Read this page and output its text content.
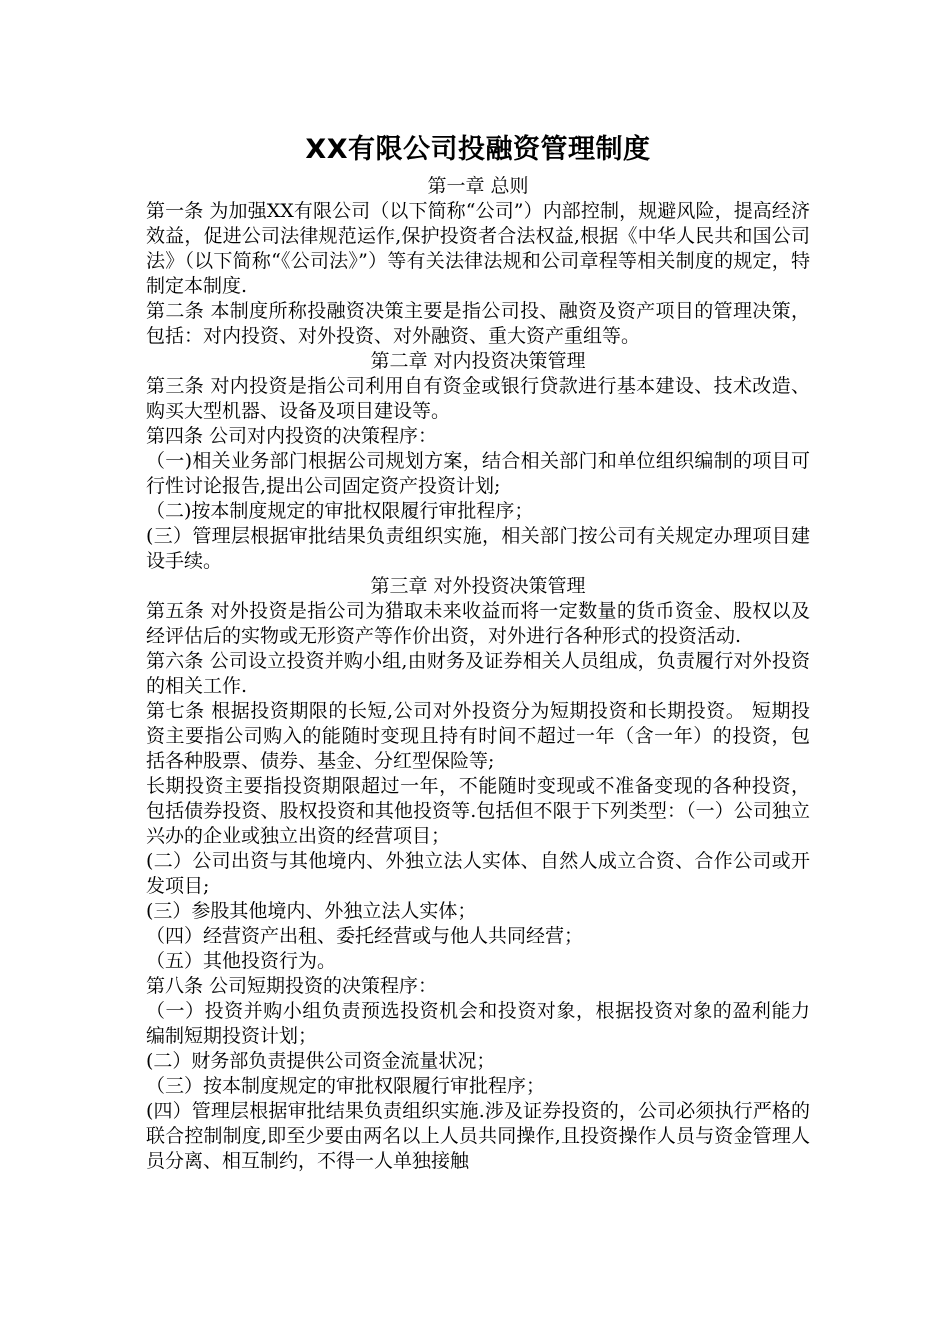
XX有限公司投融资管理制度

第一章 总则

第一条 为加强XX有限公司（以下简称“公司”）内部控制，规避风险，提高经济效益，促进公司法律规范运作,保护投资者合法权益,根据《中华人民共和国公司法》（以下简称“《公司法》”）等有关法律法规和公司章程等相关制度的规定，特制定本制度.

第二条 本制度所称投融资决策主要是指公司投、融资及资产项目的管理决策，包括：对内投资、对外投资、对外融资、重大资产重组等。

第二章 对内投资决策管理

第三条 对内投资是指公司利用自有资金或银行贷款进行基本建设、技术改造、购买大型机器、设备及项目建设等。

第四条 公司对内投资的决策程序：

（一)相关业务部门根据公司规划方案，结合相关部门和单位组织编制的项目可行性讨论报告,提出公司固定资产投资计划;

（二)按本制度规定的审批权限履行审批程序；

(三）管理层根据审批结果负责组织实施，相关部门按公司有关规定办理项目建设手续。

第三章 对外投资决策管理

第五条 对外投资是指公司为猎取未来收益而将一定数量的货币资金、股权以及经评估后的实物或无形资产等作价出资，对外进行各种形式的投资活动.

第六条 公司设立投资并购小组,由财务及证券相关人员组成，负责履行对外投资的相关工作.

第七条 根据投资期限的长短,公司对外投资分为短期投资和长期投资。 短期投资主要指公司购入的能随时变现且持有时间不超过一年（含一年）的投资，包括各种股票、债券、基金、分红型保险等;

长期投资主要指投资期限超过一年，不能随时变现或不准备变现的各种投资，包括债券投资、股权投资和其他投资等.包括但不限于下列类型：（一）公司独立兴办的企业或独立出资的经营项目；

(二）公司出资与其他境内、外独立法人实体、自然人成立合资、合作公司或开发项目;

(三）参股其他境内、外独立法人实体；

（四）经营资产出租、委托经营或与他人共同经营；

（五）其他投资行为。

第八条 公司短期投资的决策程序：

（一）投资并购小组负责预选投资机会和投资对象，根据投资对象的盈利能力编制短期投资计划；

(二）财务部负责提供公司资金流量状况；

（三）按本制度规定的审批权限履行审批程序；

(四）管理层根据审批结果负责组织实施.涉及证券投资的，公司必须执行严格的联合控制制度,即至少要由两名以上人员共同操作,且投资操作人员与资金管理人员分离、相互制约，不得一人单独接触
